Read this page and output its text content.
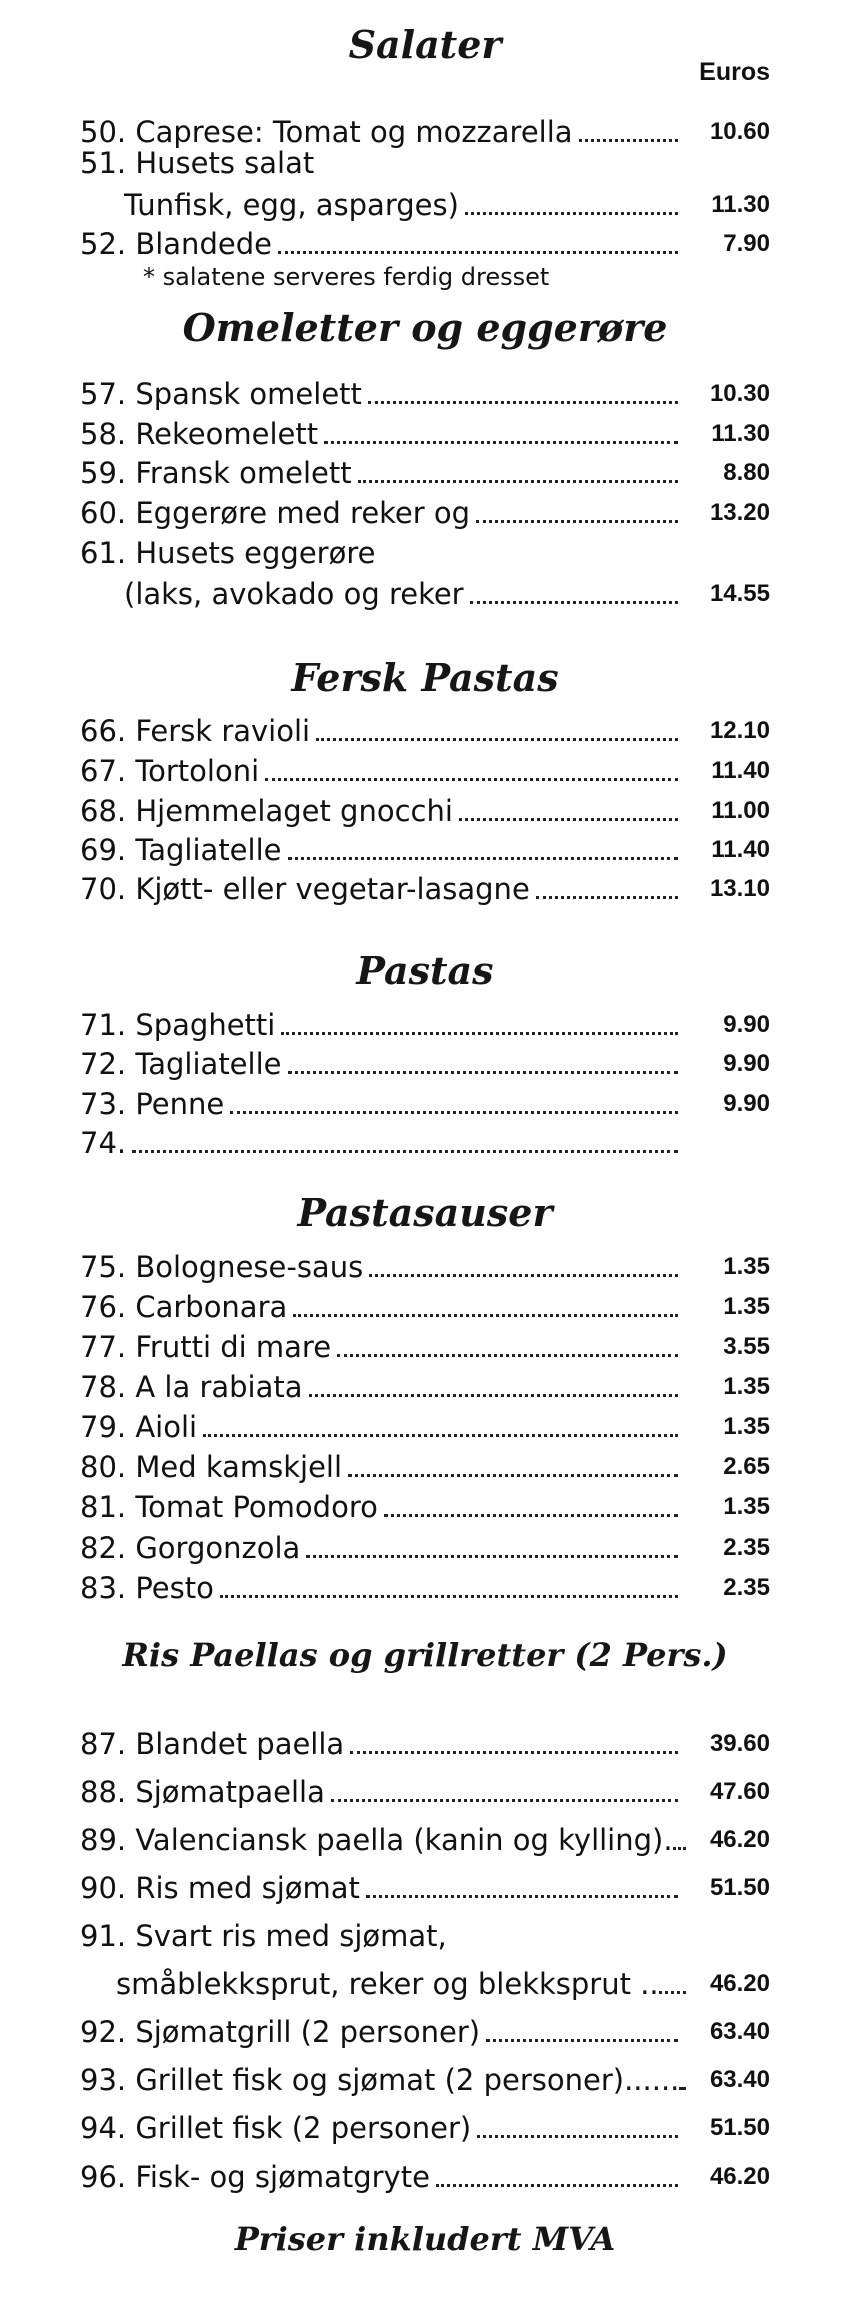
Salater
Euros
50. Caprese: Tomat og mozzarella	10.60
51. Husets salat
Tunfisk, egg, asparges)	11.30
52. Blandede	7.90
* salatene serveres ferdig dresset
Omeletter og eggerøre
57. Spansk omelett	10.30
58. Rekeomelett	11.30
59. Fransk omelett	8.80
60. Eggerøre med reker og	13.20
61. Husets eggerøre
(laks, avokado og reker	14.55
Fersk Pastas
66. Fersk ravioli	12.10
67. Tortoloni	11.40
68. Hjemmelaget gnocchi	11.00
69. Tagliatelle	11.40
70. Kjøtt- eller vegetar-lasagne	13.10
Pastas
71. Spaghetti	9.90
72. Tagliatelle	9.90
73. Penne	9.90
74.
Pastasauser
75. Bolognese-saus	1.35
76. Carbonara	1.35
77. Frutti di mare	3.55
78. A la rabiata	1.35
79. Aioli	1.35
80. Med kamskjell	2.65
81. Tomat Pomodoro	1.35
82. Gorgonzola	2.35
83. Pesto	2.35
Ris Paellas og grillretter (2 Pers.)
87. Blandet paella	39.60
88. Sjømatpaella	47.60
89. Valenciansk paella (kanin og kylling).	46.20
90. Ris med sjømat	51.50
91. Svart ris med sjømat,
småblekksprut, reker og blekksprut ..	46.20
92. Sjømatgrill (2 personer)	63.40
93. Grillet fisk og sjømat (2 personer)......	63.40
94. Grillet fisk (2 personer)	51.50
96. Fisk- og sjømatgryte	46.20
Priser inkludert MVA
